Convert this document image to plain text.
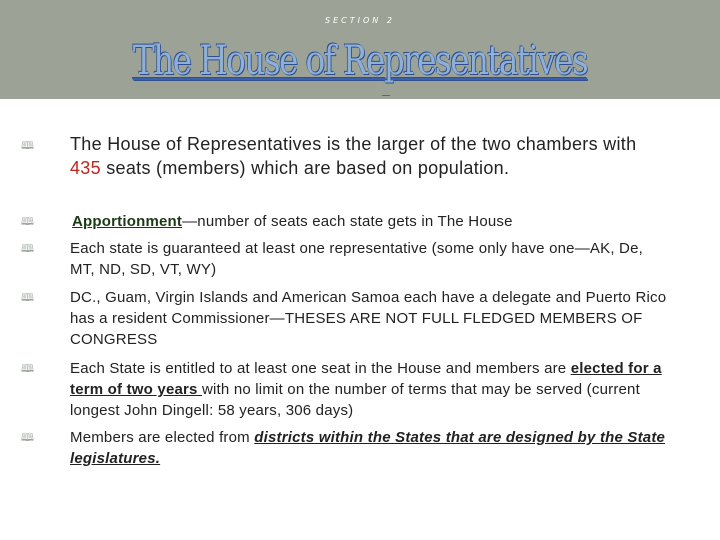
SECTION 2
The House of Representatives
🕮 The House of Representatives is the larger of the two chambers with 435 seats (members) which are based on population.
🕮	Apportionment—number of seats each state gets in The House
🕮 Each state is guaranteed at least one representative (some only have one—AK, De, MT, ND, SD, VT, WY)
🕮 DC., Guam, Virgin Islands and American Samoa each have a delegate and Puerto Rico has a resident Commissioner—THESES ARE NOT FULL FLEDGED MEMBERS OF CONGRESS
🕮 Each State is entitled to at least one seat in the House and members are elected for a term of two years with no limit on the number of terms that may be served (current longest John Dingell: 58 years, 306 days)
🕮 Members are elected from districts within the States that are designed by the State legislatures.
